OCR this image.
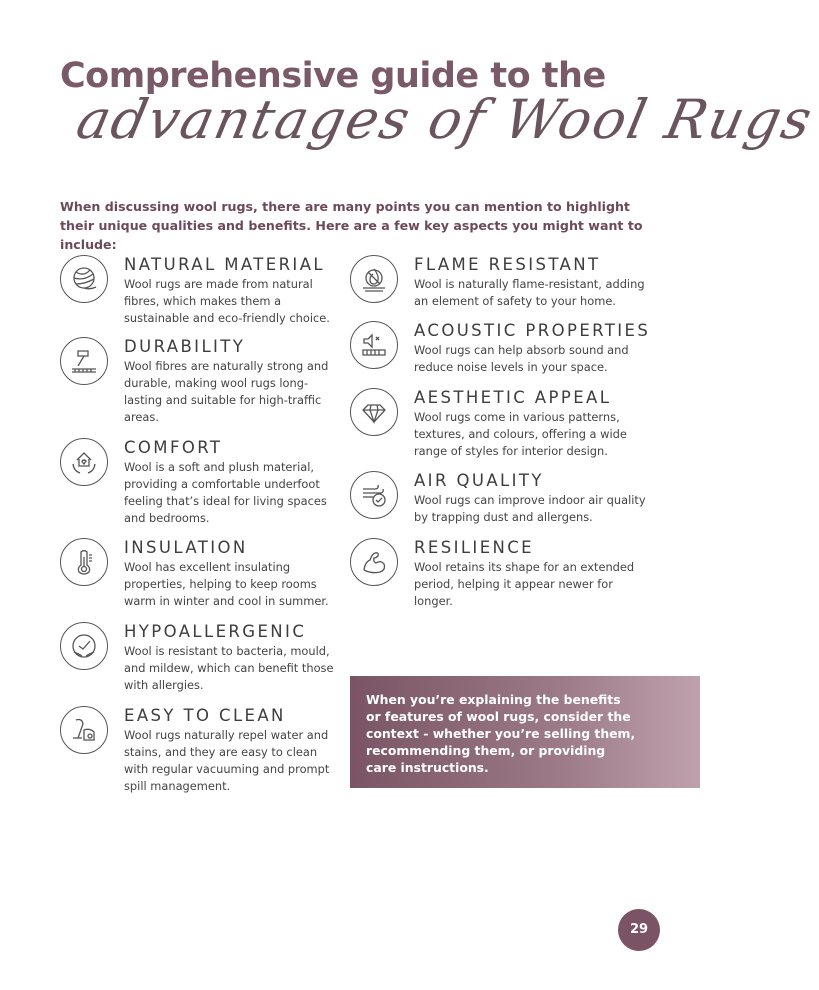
Comprehensive guide to the
advantages of Wool Rugs

When discussing wool rugs, there are many points you can mention to highlight their unique qualities and benefits. Here are a few key aspects you might want to include:

NATURAL MATERIAL

Wool rugs are made from natural fibres, which makes them a sustainable and eco-friendly choice.

DURABILITY

Wool fibres are naturally strong and durable, making wool rugs long-lasting and suitable for high-traffic areas.

COMFORT

Wool is a soft and plush material, providing a comfortable underfoot feeling that’s ideal for living spaces and bedrooms.

INSULATION

Wool has excellent insulating properties, helping to keep rooms warm in winter and cool in summer.

HYPOALLERGENIC

Wool is resistant to bacteria, mould, and mildew, which can benefit those with allergies.

EASY TO CLEAN

Wool rugs naturally repel water and stains, and they are easy to clean with regular vacuuming and prompt spill management.

FLAME RESISTANT

Wool is naturally flame-resistant, adding an element of safety to your home.

ACOUSTIC PROPERTIES

Wool rugs can help absorb sound and reduce noise levels in your space.

AESTHETIC APPEAL

Wool rugs come in various patterns, textures, and colours, offering a wide range of styles for interior design.

AIR QUALITY

Wool rugs can improve indoor air quality by trapping dust and allergens.

RESILIENCE

Wool retains its shape for an extended period, helping it appear newer for longer.

When you’re explaining the benefits or features of wool rugs, consider the context - whether you’re selling them, recommending them, or providing care instructions.

29
